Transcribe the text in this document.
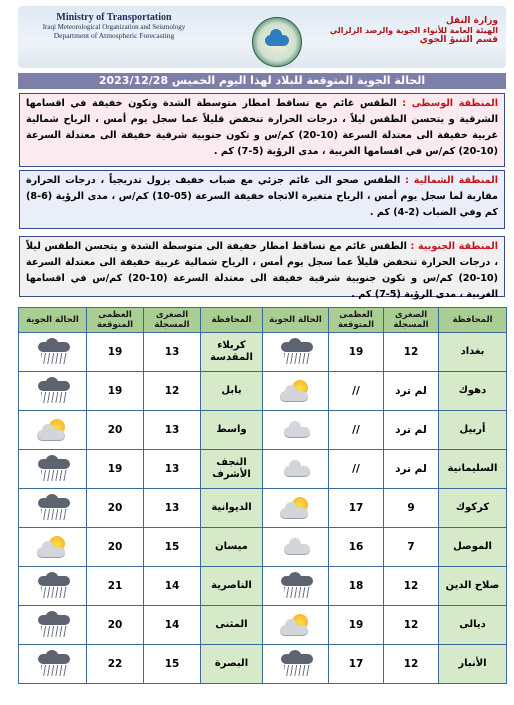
Ministry of Transportation
Iraqi Meteorological Organization and Seismology
Department of Atmospheric Forecasting
وزارة النقل
الهيئة العامة للأنواء الجوية والرصد الزلزالي
قسم التنبؤ الجوي
الحالة الجوية المتوقعة للبلاد لهذا اليوم الخميس 2023/12/28
المنطقة الوسطى : الطقس غائم مع تساقط امطار متوسطة الشدة وتكون خفيفة في اقسامها الشرقية و يتحسن الطقس ليلاً ، درجات الحرارة تنخفض قليلاً عما سجل يوم أمس ، الرياح شمالية غربية خفيفة الى معتدلة السرعة (10-20) كم/س و تكون جنوبية شرقية خفيفة الى معتدلة السرعة (10-20) كم/س في اقسامها الغربية ، مدى الرؤية (5-7) كم .
المنطقة الشمالية : الطقس صحو الى غائم جزئي مع ضباب خفيف يزول تدريجياً ، درجات الحرارة مقاربة لما سجل يوم أمس ، الرياح متغيرة الاتجاه خفيفة السرعة (05-10) كم/س ، مدى الرؤية (6-8) كم وفي الضباب (2-4) كم .
المنطقة الجنوبية : الطقس غائم مع تساقط امطار خفيفة الى متوسطة الشدة و يتحسن الطقس ليلاً ، درجات الحرارة تنخفض قليلاً عما سجل يوم أمس ، الرياح شمالية غربية خفيفة الى معتدلة السرعة (10-20) كم/س و تكون جنوبية شرقية خفيفة الى معتدلة السرعة (10-20) كم/س في اقسامها الغربية ، مدى الرؤية (5-7) كم .
المحافظة	الصغرى المسجلة	العظمى المتوقعة	الحالة الجوية	المحافظة	الصغرى المسجلة	العظمى المتوقعة	الحالة الجوية
بغداد	12	19		كربلاء المقدسة	13	19	

دهوك	لم ترد	//		بابل	12	19	

أربيل	لم ترد	//		واسط	13	20	

السليمانية	لم ترد	//		النجف الأشرف	13	19	

كركوك	9	17		الديوانية	13	20	

الموصل	7	16		ميسان	15	20	

صلاح الدين	12	18		الناصرية	14	21	

ديالى	12	19		المثنى	14	20	

الأنبار	12	17		البصرة	15	22	
